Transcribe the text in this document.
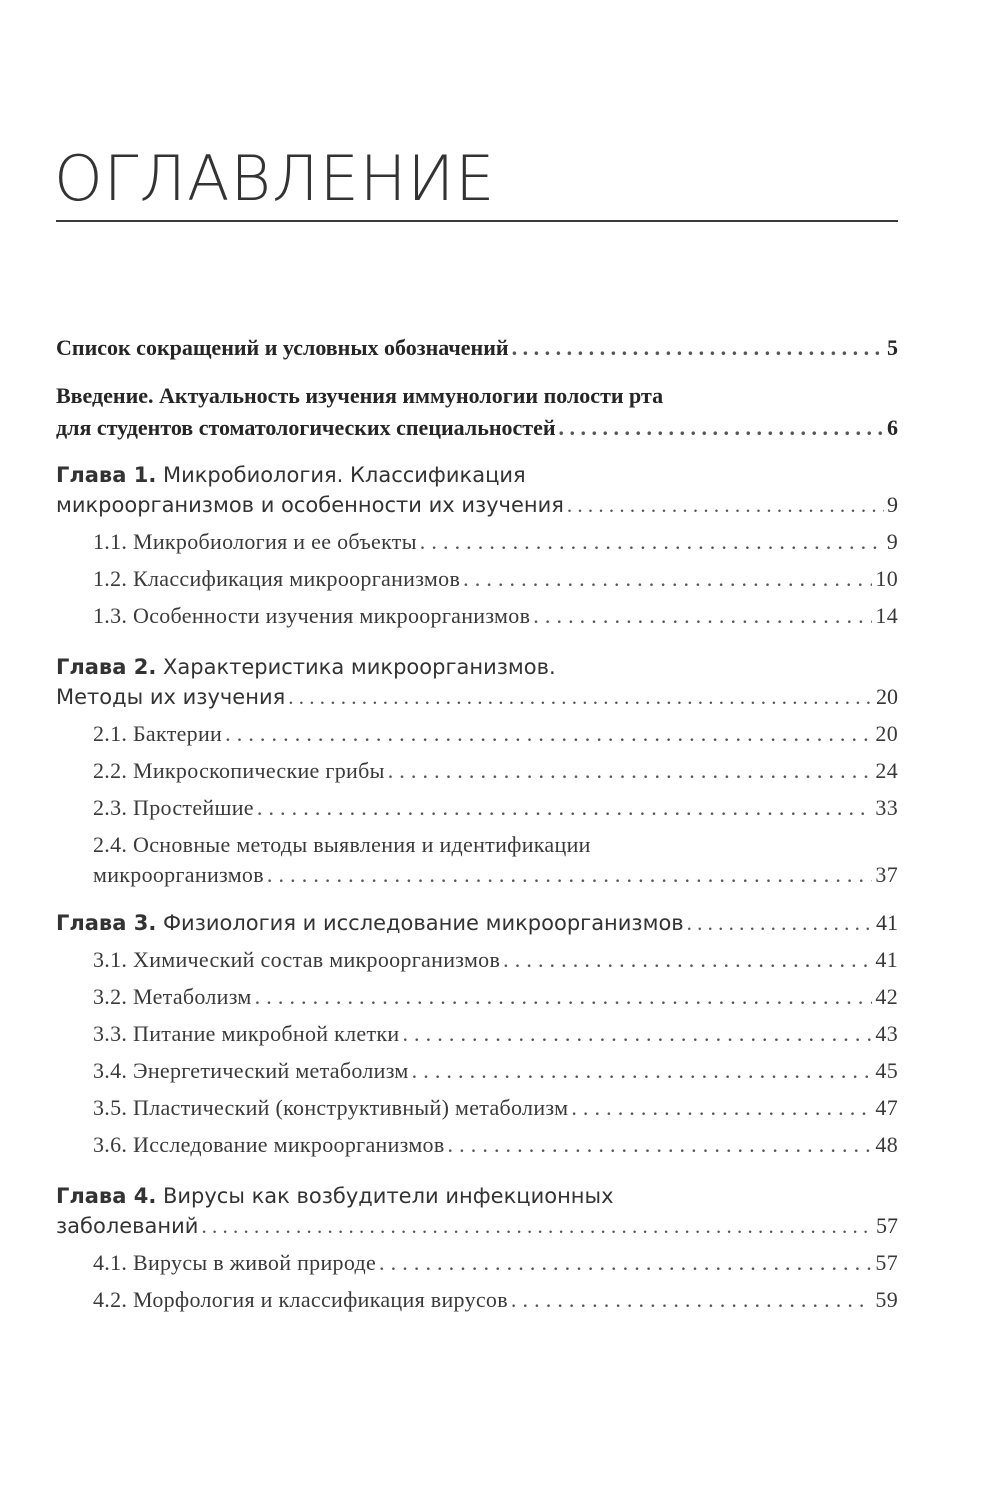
ОГЛАВЛЕНИЕ
Список сокращений и условных обозначений . . .	5
Введение. Актуальность изучения иммунологии полости рта
для студентов стоматологических специальностей . . .	6
Глава 1. Микробиология. Классификация
микроорганизмов и особенности их изучения . . .	9
1.1. Микробиология и ее объекты . . .	9
1.2. Классификация микроорганизмов . . .	10
1.3. Особенности изучения микроорганизмов . . .	14
Глава 2. Характеристика микроорганизмов.
Методы их изучения . . .	20
2.1. Бактерии . . .	20
2.2. Микроскопические грибы . . .	24
2.3. Простейшие . . .	33
2.4. Основные методы выявления и идентификации
микроорганизмов . . .	37
Глава 3. Физиология и исследование микроорганизмов . . .	41
3.1. Химический состав микроорганизмов . . .	41
3.2. Метаболизм . . .	42
3.3. Питание микробной клетки . . .	43
3.4. Энергетический метаболизм . . .	45
3.5. Пластический (конструктивный) метаболизм . . .	47
3.6. Исследование микроорганизмов . . .	48
Глава 4. Вирусы как возбудители инфекционных
заболеваний . . .	57
4.1. Вирусы в живой природе . . .	57
4.2. Морфология и классификация вирусов . . .	59
